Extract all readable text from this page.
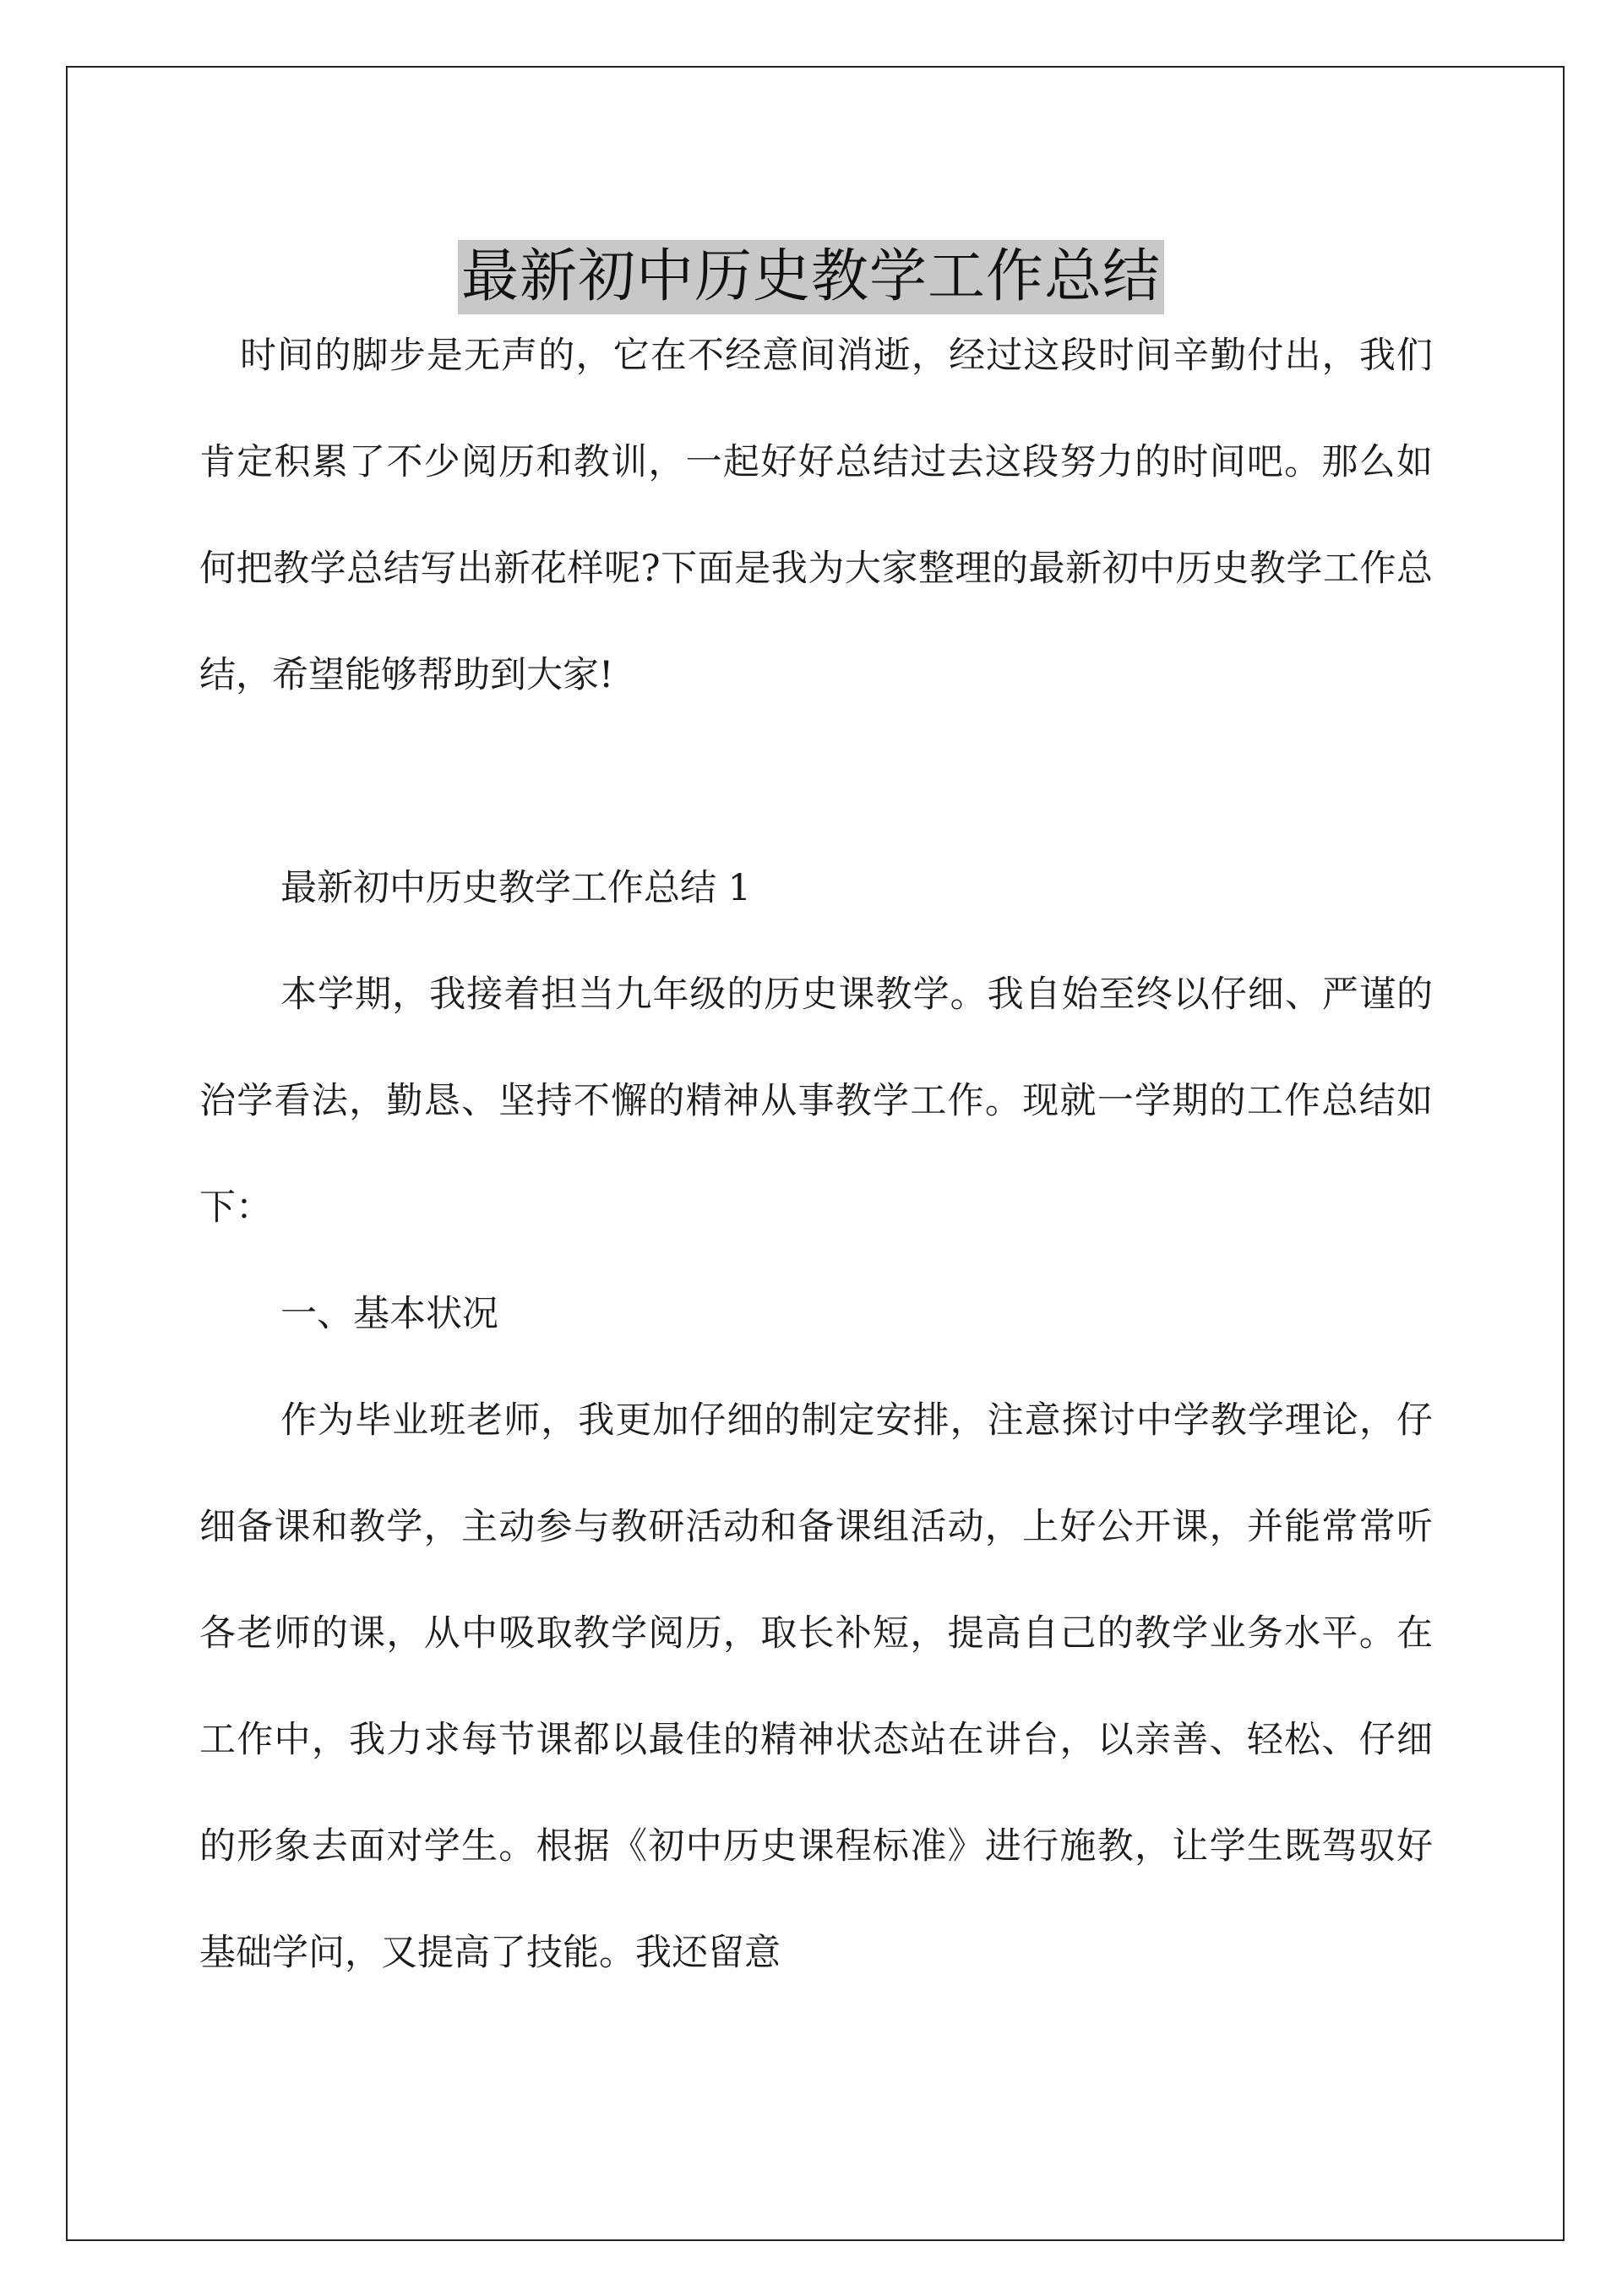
最新初中历史教学工作总结

时间的脚步是无声的，它在不经意间消逝，经过这段时间辛勤付出，我们肯定积累了不少阅历和教训，一起好好总结过去这段努力的时间吧。那么如何把教学总结写出新花样呢?下面是我为大家整理的最新初中历史教学工作总结，希望能够帮助到大家!

最新初中历史教学工作总结 1

本学期，我接着担当九年级的历史课教学。我自始至终以仔细、严谨的治学看法，勤恳、坚持不懈的精神从事教学工作。现就一学期的工作总结如下：

一、基本状况

作为毕业班老师，我更加仔细的制定安排，注意探讨中学教学理论，仔细备课和教学，主动参与教研活动和备课组活动，上好公开课，并能常常听各老师的课，从中吸取教学阅历，取长补短，提高自己的教学业务水平。在工作中，我力求每节课都以最佳的精神状态站在讲台，以亲善、轻松、仔细的形象去面对学生。根据《初中历史课程标准》进行施教，让学生既驾驭好基础学问，又提高了技能。我还留意
